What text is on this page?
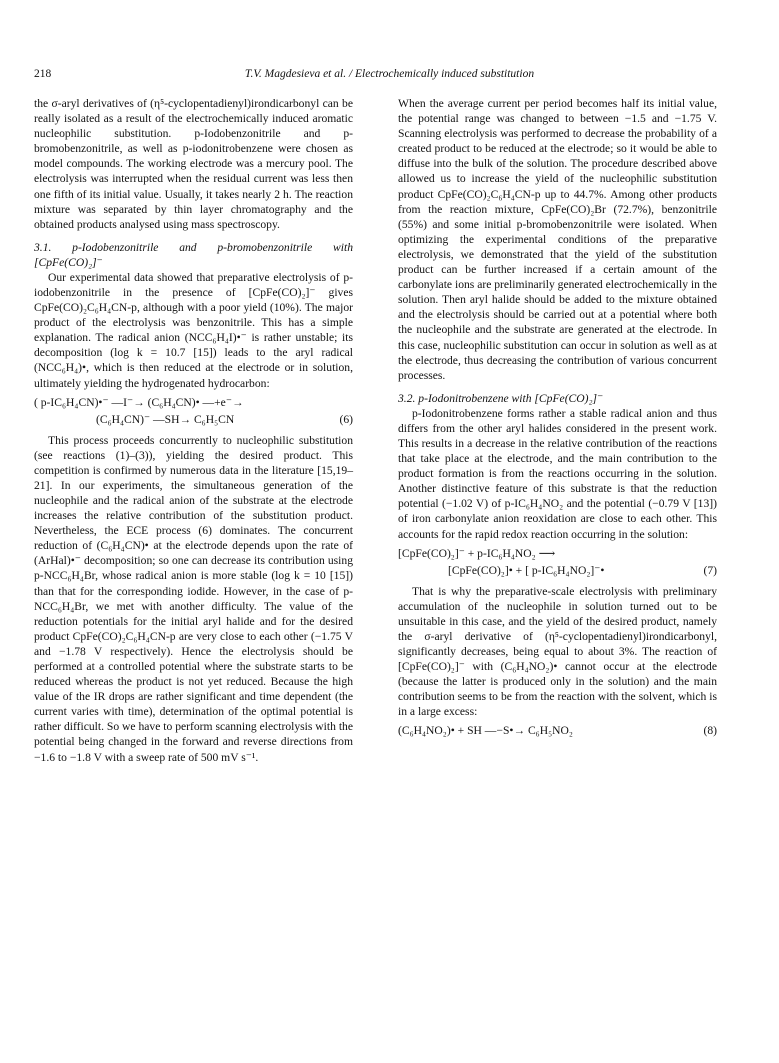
218	T.V. Magdesieva et al. / Electrochemically induced substitution

the σ-aryl derivatives of (η⁵-cyclopentadienyl)irondicarbonyl can be really isolated as a result of the electrochemically induced aromatic nucleophilic substitution. p-Iodobenzonitrile and p-bromobenzonitrile, as well as p-iodonitrobenzene were chosen as model compounds. The working electrode was a mercury pool. The electrolysis was interrupted when the residual current was less then one fifth of its initial value. Usually, it takes nearly 2 h. The reaction mixture was separated by thin layer chromatography and the obtained products analysed using mass spectroscopy.

3.1. p-Iodobenzonitrile and p-bromobenzonitrile with [CpFe(CO)₂]⁻

Our experimental data showed that preparative electrolysis of p-iodobenzonitrile in the presence of [CpFe(CO)₂]⁻ gives CpFe(CO)₂C₆H₄CN-p, although with a poor yield (10%). The major product of the electrolysis was benzonitrile. This has a simple explanation. The radical anion (NCC₆H₄I)•⁻ is rather unstable; its decomposition (log k = 10.7 [15]) leads to the aryl radical (NCC₆H₄)•, which is then reduced at the electrode or in solution, ultimately yielding the hydrogenated hydrocarbon:

( p-IC₆H₄CN)•⁻ —I⁻→ (C₆H₄CN)• —+e⁻→
(C₆H₄CN)⁻ —SH→ C₆H₅CN	(6)

This process proceeds concurrently to nucleophilic substitution (see reactions (1)–(3)), yielding the desired product. This competition is confirmed by numerous data in the literature [15,19–21]. In our experiments, the simultaneous generation of the nucleophile and the radical anion of the substrate at the electrode increases the relative contribution of the substitution product. Nevertheless, the ECE process (6) dominates. The concurrent reduction of (C₆H₄CN)• at the electrode depends upon the rate of (ArHal)•⁻ decomposition; so one can decrease its contribution using p-NCC₆H₄Br, whose radical anion is more stable (log k = 10 [15]) than that for the corresponding iodide. However, in the case of p-NCC₆H₄Br, we met with another difficulty. The value of the reduction potentials for the initial aryl halide and for the desired product CpFe(CO)₂C₆H₄CN-p are very close to each other (−1.75 V and −1.78 V respectively). Hence the electrolysis should be performed at a controlled potential where the substrate starts to be reduced whereas the product is not yet reduced. Because the high value of the IR drops are rather significant and time dependent (the current varies with time), determination of the optimal potential is rather difficult. So we have to perform scanning electrolysis with the potential being changed in the forward and reverse directions from −1.6 to −1.8 V with a sweep rate of 500 mV s⁻¹.

When the average current per period becomes half its initial value, the potential range was changed to between −1.5 and −1.75 V. Scanning electrolysis was performed to decrease the probability of a created product to be reduced at the electrode; so it would be able to diffuse into the bulk of the solution. The procedure described above allowed us to increase the yield of the nucleophilic substitution product CpFe(CO)₂C₆H₄CN-p up to 44.7%. Among other products from the reaction mixture, CpFe(CO)₂Br (72.7%), benzonitrile (55%) and some initial p-bromobenzonitrile were isolated. When optimizing the experimental conditions of the preparative electrolysis, we demonstrated that the yield of the substitution product can be further increased if a certain amount of the carbonylate ions are preliminarily generated electrochemically in the solution. Then aryl halide should be added to the mixture obtained and the electrolysis should be carried out at a potential where both the nucleophile and the substrate are generated at the electrode. In this case, nucleophilic substitution can occur in solution as well as at the electrode, thus decreasing the contribution of various concurrent processes.

3.2. p-Iodonitrobenzene with [CpFe(CO)₂]⁻

p-Iodonitrobenzene forms rather a stable radical anion and thus differs from the other aryl halides considered in the present work. This results in a decrease in the relative contribution of the reactions that take place at the electrode, and the main contribution to the product formation is from the reactions occurring in the solution. Another distinctive feature of this substrate is that the reduction potential (−1.02 V) of p-IC₆H₄NO₂ and the potential (−0.79 V [13]) of iron carbonylate anion reoxidation are close to each other. This accounts for the rapid redox reaction occurring in the solution:

[CpFe(CO)₂]⁻ + p-IC₆H₄NO₂ ⟶
[CpFe(CO)₂]• + [ p-IC₆H₄NO₂]⁻•	(7)

That is why the preparative-scale electrolysis with preliminary accumulation of the nucleophile in solution turned out to be unsuitable in this case, and the yield of the desired product, namely the σ-aryl derivative of (η⁵-cyclopentadienyl)irondicarbonyl, significantly decreases, being equal to about 3%. The reaction of [CpFe(CO)₂]⁻ with (C₆H₄NO₂)• cannot occur at the electrode (because the latter is produced only in the solution) and the main contribution seems to be from the reaction with the solvent, which is in a large excess:

(C₆H₄NO₂)• + SH —−S•→ C₆H₅NO₂	(8)
